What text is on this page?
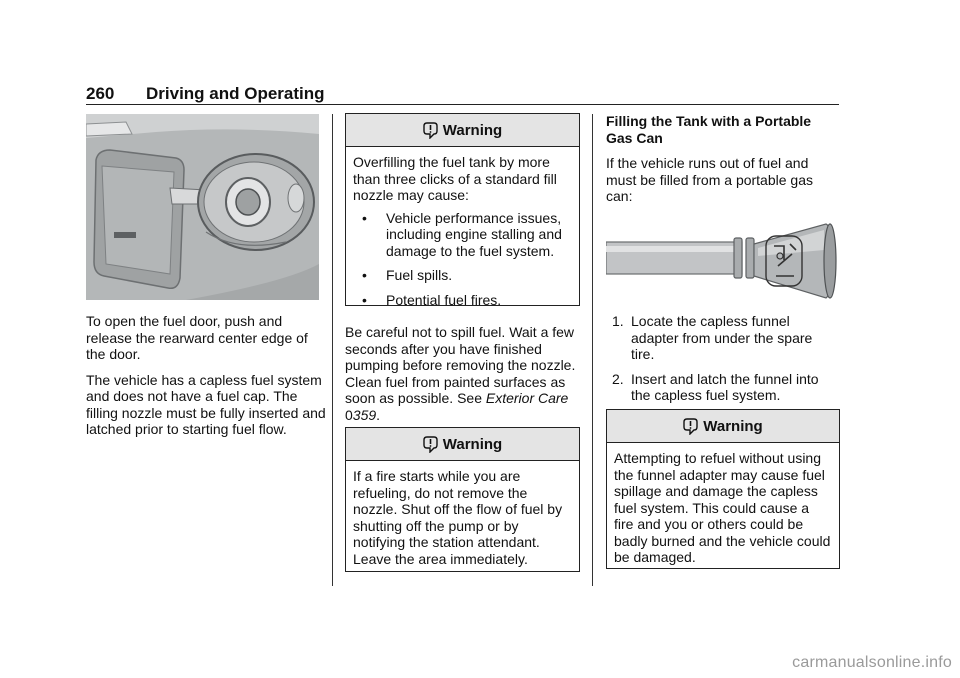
260 Driving and Operating

To open the fuel door, push and release the rearward center edge of the door.

The vehicle has a capless fuel system and does not have a fuel cap. The filling nozzle must be fully inserted and latched prior to starting fuel flow.

Warning
Overfilling the fuel tank by more than three clicks of a standard fill nozzle may cause:
• Vehicle performance issues, including engine stalling and damage to the fuel system.
• Fuel spills.
• Potential fuel fires.

Be careful not to spill fuel. Wait a few seconds after you have finished pumping before removing the nozzle. Clean fuel from painted surfaces as soon as possible. See Exterior Care 0359.

Warning
If a fire starts while you are refueling, do not remove the nozzle. Shut off the flow of fuel by shutting off the pump or by notifying the station attendant. Leave the area immediately.

Filling the Tank with a Portable Gas Can

If the vehicle runs out of fuel and must be filled from a portable gas can:

1. Locate the capless funnel adapter from under the spare tire.
2. Insert and latch the funnel into the capless fuel system.
Warning
Attempting to refuel without using the funnel adapter may cause fuel spillage and damage the capless fuel system. This could cause a fire and you or others could be badly burned and the vehicle could be damaged.
carmanualsonline.info
